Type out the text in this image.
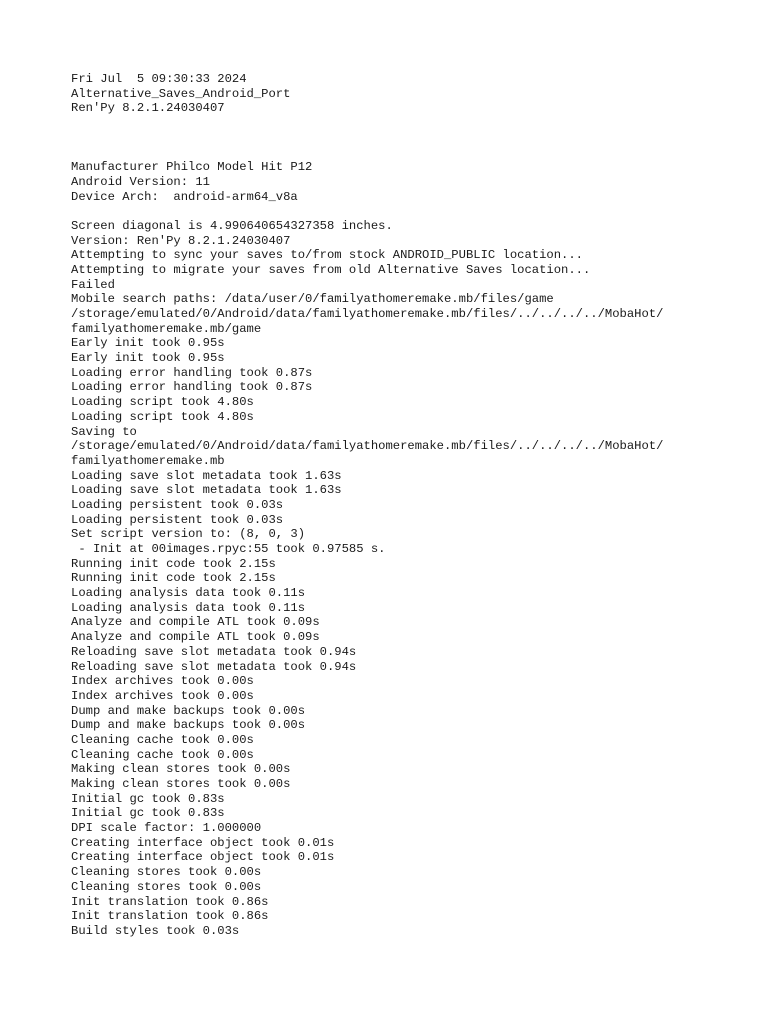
Fri Jul  5 09:30:33 2024
Alternative_Saves_Android_Port
Ren'Py 8.2.1.24030407
Manufacturer Philco Model Hit P12
Android Version: 11
Device Arch:  android-arm64_v8a
Screen diagonal is 4.990640654327358 inches.
Version: Ren'Py 8.2.1.24030407
Attempting to sync your saves to/from stock ANDROID_PUBLIC location...
Attempting to migrate your saves from old Alternative Saves location...
Failed
Mobile search paths: /data/user/0/familyathomeremake.mb/files/game
/storage/emulated/0/Android/data/familyathomeremake.mb/files/../../../../MobaHot/
familyathomeremake.mb/game
Early init took 0.95s
Early init took 0.95s
Loading error handling took 0.87s
Loading error handling took 0.87s
Loading script took 4.80s
Loading script took 4.80s
Saving to
/storage/emulated/0/Android/data/familyathomeremake.mb/files/../../../../MobaHot/
familyathomeremake.mb
Loading save slot metadata took 1.63s
Loading save slot metadata took 1.63s
Loading persistent took 0.03s
Loading persistent took 0.03s
Set script version to: (8, 0, 3)
- Init at 00images.rpyc:55 took 0.97585 s.
Running init code took 2.15s
Running init code took 2.15s
Loading analysis data took 0.11s
Loading analysis data took 0.11s
Analyze and compile ATL took 0.09s
Analyze and compile ATL took 0.09s
Reloading save slot metadata took 0.94s
Reloading save slot metadata took 0.94s
Index archives took 0.00s
Index archives took 0.00s
Dump and make backups took 0.00s
Dump and make backups took 0.00s
Cleaning cache took 0.00s
Cleaning cache took 0.00s
Making clean stores took 0.00s
Making clean stores took 0.00s
Initial gc took 0.83s
Initial gc took 0.83s
DPI scale factor: 1.000000
Creating interface object took 0.01s
Creating interface object took 0.01s
Cleaning stores took 0.00s
Cleaning stores took 0.00s
Init translation took 0.86s
Init translation took 0.86s
Build styles took 0.03s
